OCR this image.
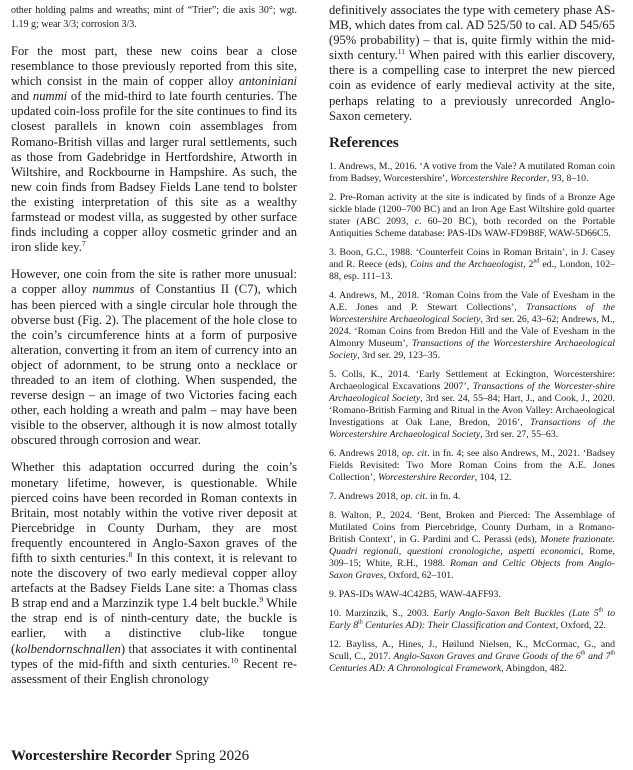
other holding palms and wreaths; mint of “Trier”; die axis 30°; wgt. 1.19 g; wear 3/3; corrosion 3/3.

For the most part, these new coins bear a close resemblance to those previously reported from this site, which consist in the main of copper alloy antoniniani and nummi of the mid-third to late fourth centuries. The updated coin-loss profile for the site continues to find its closest parallels in known coin assemblages from Romano-British villas and larger rural settlements, such as those from Gadebridge in Hertfordshire, Atworth in Wiltshire, and Rockbourne in Hampshire. As such, the new coin finds from Badsey Fields Lane tend to bolster the existing interpretation of this site as a wealthy farmstead or modest villa, as suggested by other surface finds including a copper alloy cosmetic grinder and an iron slide key.$^7$

However, one coin from the site is rather more unusual: a copper alloy nummus of Constantius II (C7), which has been pierced with a single circular hole through the obverse bust (Fig. 2). The placement of the hole close to the coin’s circumference hints at a form of purposive alteration, converting it from an item of currency into an object of adornment, to be strung onto a necklace or threaded to an item of clothing. When suspended, the reverse design – an image of two Victories facing each other, each holding a wreath and palm – may have been visible to the observer, although it is now almost totally obscured through corrosion and wear.

Whether this adaptation occurred during the coin’s monetary lifetime, however, is questionable. While pierced coins have been recorded in Roman contexts in Britain, most notably within the votive river deposit at Piercebridge in County Durham, they are most frequently encountered in Anglo-Saxon graves of the fifth to sixth centuries.$^8$ In this context, it is relevant to note the discovery of two early medieval copper alloy artefacts at the Badsey Fields Lane site: a Thomas class B strap end and a Marzinzik type 1.4 belt buckle.$^9$ While the strap end is of ninth-century date, the buckle is earlier, with a distinctive club-like tongue (kolbendornschnallen) that associates it with continental types of the mid-fifth and sixth centuries.$^{10}$ Recent re-assessment of their English chronology

definitively associates the type with cemetery phase AS-MB, which dates from cal. AD 525/50 to cal. AD 545/65 (95% probability) – that is, quite firmly within the mid-sixth century.$^{11}$ When paired with this earlier discovery, there is a compelling case to interpret the new pierced coin as evidence of early medieval activity at the site, perhaps relating to a previously unrecorded Anglo-Saxon cemetery.

References

1. Andrews, M., 2016. ‘A votive from the Vale? A mutilated Roman coin from Badsey, Worcestershire’, Worcestershire Recorder, 93, 8–10.

2. Pre-Roman activity at the site is indicated by finds of a Bronze Age sickle blade (1200–700 BC) and an Iron Age East Wiltshire gold quarter stater (ABC 2093, c. 60–20 BC), both recorded on the Portable Antiquities Scheme database: PAS-IDs WAW-FD9B8F, WAW-5D66C5.

3. Boon, G.C., 1988. ‘Counterfeit Coins in Roman Britain’, in J. Casey and R. Reece (eds), Coins and the Archaeologist, 2nd ed., London, 102–88, esp. 111–13.

4. Andrews, M., 2018. ‘Roman Coins from the Vale of Evesham in the A.E. Jones and P. Stewart Collections’, Transactions of the Worcestershire Archaeological Society, 3rd ser. 26, 43–62; Andrews, M., 2024. ‘Roman Coins from Bredon Hill and the Vale of Evesham in the Almonry Museum’, Transactions of the Worcestershire Archaeological Society, 3rd ser. 29, 123–35.

5. Colls, K., 2014. ‘Early Settlement at Eckington, Worcestershire: Archaeological Excavations 2007’, Transactions of the Worcester-shire Archaeological Society, 3rd ser. 24, 55–84; Hart, J., and Cook, J., 2020. ‘Romano-British Farming and Ritual in the Avon Valley: Archaeological Investigations at Oak Lane, Bredon, 2016’, Transactions of the Worcestershire Archaeological Society, 3rd ser. 27, 55–63.

6. Andrews 2018, op. cit. in fn. 4; see also Andrews, M., 2021. ‘Badsey Fields Revisited: Two More Roman Coins from the A.E. Jones Collection’, Worcestershire Recorder, 104, 12.

7. Andrews 2018, op. cit. in fn. 4.

8. Walton, P., 2024. ‘Bent, Broken and Pierced: The Assemblage of Mutilated Coins from Piercebridge, County Durham, in a Romano-British Context’, in G. Pardini and C. Perassi (eds), Monete frazionate. Quadri regionali, questioni cronologiche, aspetti economici, Rome, 309–15; White, R.H., 1988. Roman and Celtic Objects from Anglo-Saxon Graves, Oxford, 62–101.

9. PAS-IDs WAW-4C42B5, WAW-4AFF93.

10. Marzinzik, S., 2003. Early Anglo-Saxon Belt Buckles (Late 5th to Early 8th Centuries AD): Their Classification and Context, Oxford, 22.

12. Bayliss, A., Hines, J., Høilund Nielsen, K., McCormac, G., and Scull, C., 2017. Anglo-Saxon Graves and Grave Goods of the 6th and 7th Centuries AD: A Chronological Framework, Abingdon, 482.

Worcestershire Recorder Spring 2026
